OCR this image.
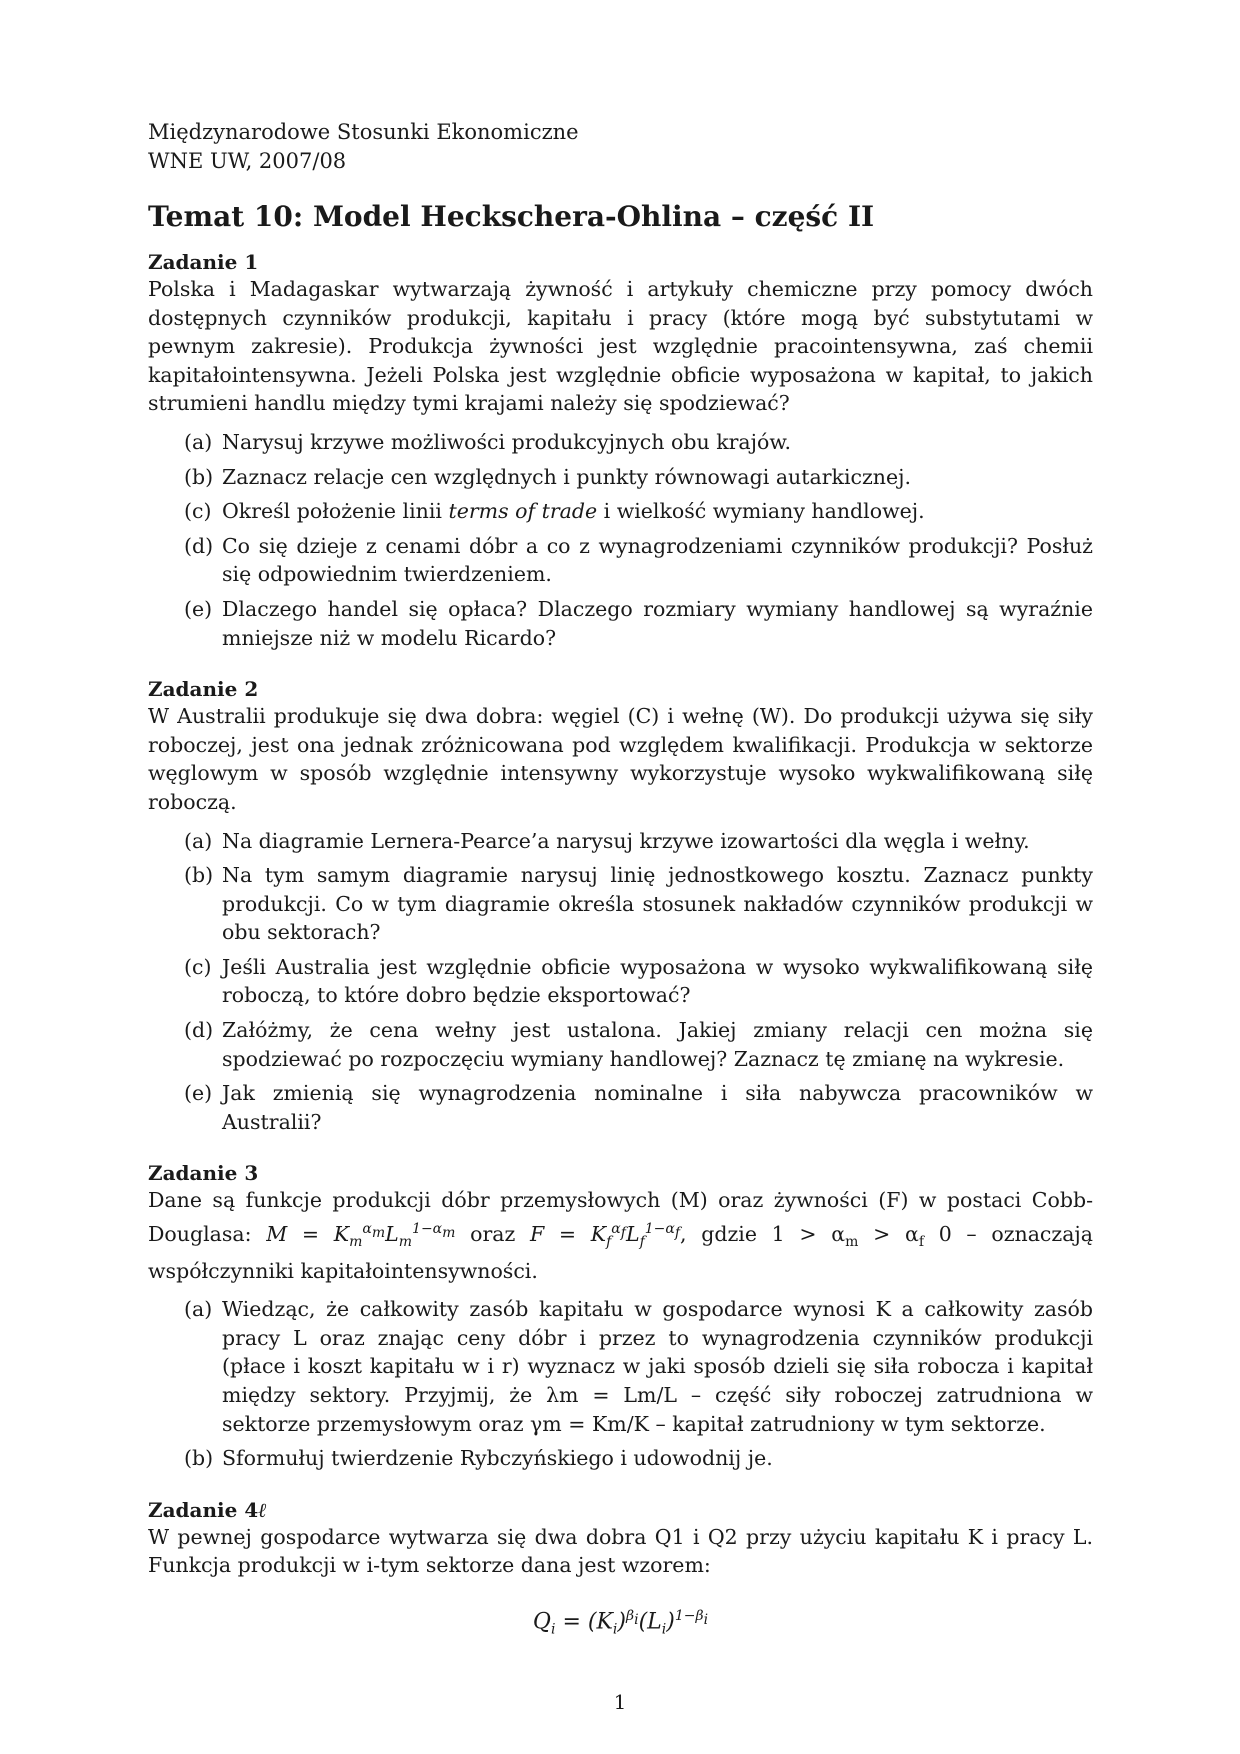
Międzynarodowe Stosunki Ekonomiczne
WNE UW, 2007/08
Temat 10: Model Heckschera-Ohlina – część II
Zadanie 1
Polska i Madagaskar wytwarzają żywność i artykuły chemiczne przy pomocy dwóch dostępnych czynników produkcji, kapitału i pracy (które mogą być substytutami w pewnym zakresie). Produkcja żywności jest względnie pracointensywna, zaś chemii kapitałointensywna. Jeżeli Polska jest względnie obficie wyposażona w kapitał, to jakich strumieni handlu między tymi krajami należy się spodziewać?
(a) Narysuj krzywe możliwości produkcyjnych obu krajów.
(b) Zaznacz relacje cen względnych i punkty równowagi autarkicznej.
(c) Określ położenie linii terms of trade i wielkość wymiany handlowej.
(d) Co się dzieje z cenami dóbr a co z wynagrodzeniami czynników produkcji? Posłuż się odpowiednim twierdzeniem.
(e) Dlaczego handel się opłaca? Dlaczego rozmiary wymiany handlowej są wyraźnie mniejsze niż w modelu Ricardo?
Zadanie 2
W Australii produkuje się dwa dobra: węgiel (C) i wełnę (W). Do produkcji używa się siły roboczej, jest ona jednak zróżnicowana pod względem kwalifikacji. Produkcja w sektorze węglowym w sposób względnie intensywny wykorzystuje wysoko wykwalifikowaną siłę roboczą.
(a) Na diagramie Lernera-Pearce’a narysuj krzywe izowartości dla węgla i wełny.
(b) Na tym samym diagramie narysuj linię jednostkowego kosztu. Zaznacz punkty produkcji. Co w tym diagramie określa stosunek nakładów czynników produkcji w obu sektorach?
(c) Jeśli Australia jest względnie obficie wyposażona w wysoko wykwalifikowaną siłę roboczą, to które dobro będzie eksportować?
(d) Załóżmy, że cena wełny jest ustalona. Jakiej zmiany relacji cen można się spodziewać po rozpoczęciu wymiany handlowej? Zaznacz tę zmianę na wykresie.
(e) Jak zmienią się wynagrodzenia nominalne i siła nabywcza pracowników w Australii?
Zadanie 3
Dane są funkcje produkcji dóbr przemysłowych (M) oraz żywności (F) w postaci Cobb-Douglasa: $M = K_m^{\alpha_m}L_m^{1-\alpha_m}$ oraz $F = K_f^{\alpha_f}L_f^{1-\alpha_f}$, gdzie $1 > \alpha_m > \alpha_f$ 0 – oznaczają współczynniki kapitałointensywności.
(a) Wiedząc, że całkowity zasób kapitału w gospodarce wynosi K a całkowity zasób pracy L oraz znając ceny dóbr i przez to wynagrodzenia czynników produkcji (płace i koszt kapitału w i r) wyznacz w jaki sposób dzieli się siła robocza i kapitał między sektory. Przyjmij, że λm = Lm/L – część siły roboczej zatrudniona w sektorze przemysłowym oraz γm = Km/K – kapitał zatrudniony w tym sektorze.
(b) Sformułuj twierdzenie Rybczyńskiego i udowodnij je.
Zadanie 4ℓ
W pewnej gospodarce wytwarza się dwa dobra Q1 i Q2 przy użyciu kapitału K i pracy L. Funkcja produkcji w i-tym sektorze dana jest wzorem:
$Q_i = (K_i)^{\beta_i}(L_i)^{1-\beta_i}$
1
